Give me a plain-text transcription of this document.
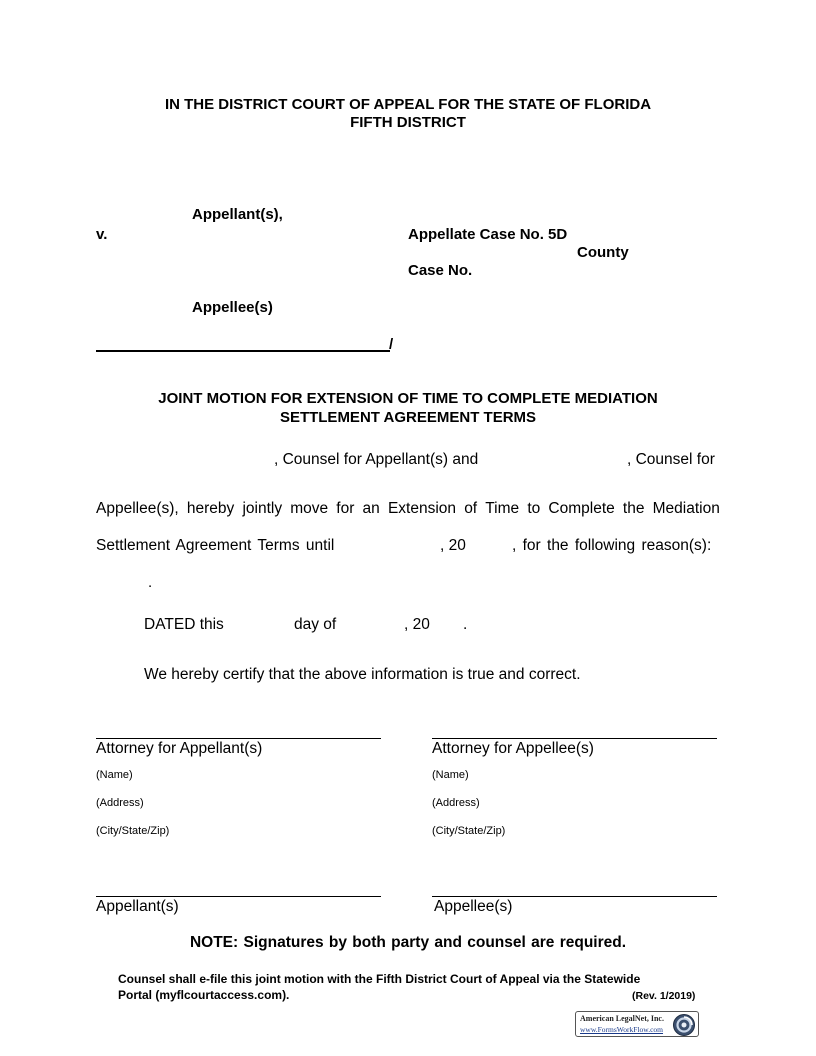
IN THE DISTRICT COURT OF APPEAL FOR THE STATE OF FLORIDA
FIFTH DISTRICT
Appellant(s),
v.	Appellate Case No. 5D
County
Case No.
Appellee(s)
/
JOINT MOTION FOR EXTENSION OF TIME TO COMPLETE MEDIATION
SETTLEMENT AGREEMENT TERMS
, Counsel for Appellant(s) and	, Counsel for
Appellee(s), hereby jointly move for an Extension of Time to Complete the Mediation
Settlement Agreement Terms until	, 20	, for the following reason(s):
.
DATED this	day of	, 20 .
We hereby certify that the above information is true and correct.
Attorney for Appellant(s)	Attorney for Appellee(s)
(Name)	(Name)
(Address)	(Address)
(City/State/Zip)	(City/State/Zip)
Appellant(s)	Appellee(s)
NOTE: Signatures by both party and counsel are required.
Counsel shall e-file this joint motion with the Fifth District Court of Appeal via the Statewide
Portal (myflcourtaccess.com).	(Rev. 1/2019)
American LegalNet, Inc.
www.FormsWorkFlow.com
